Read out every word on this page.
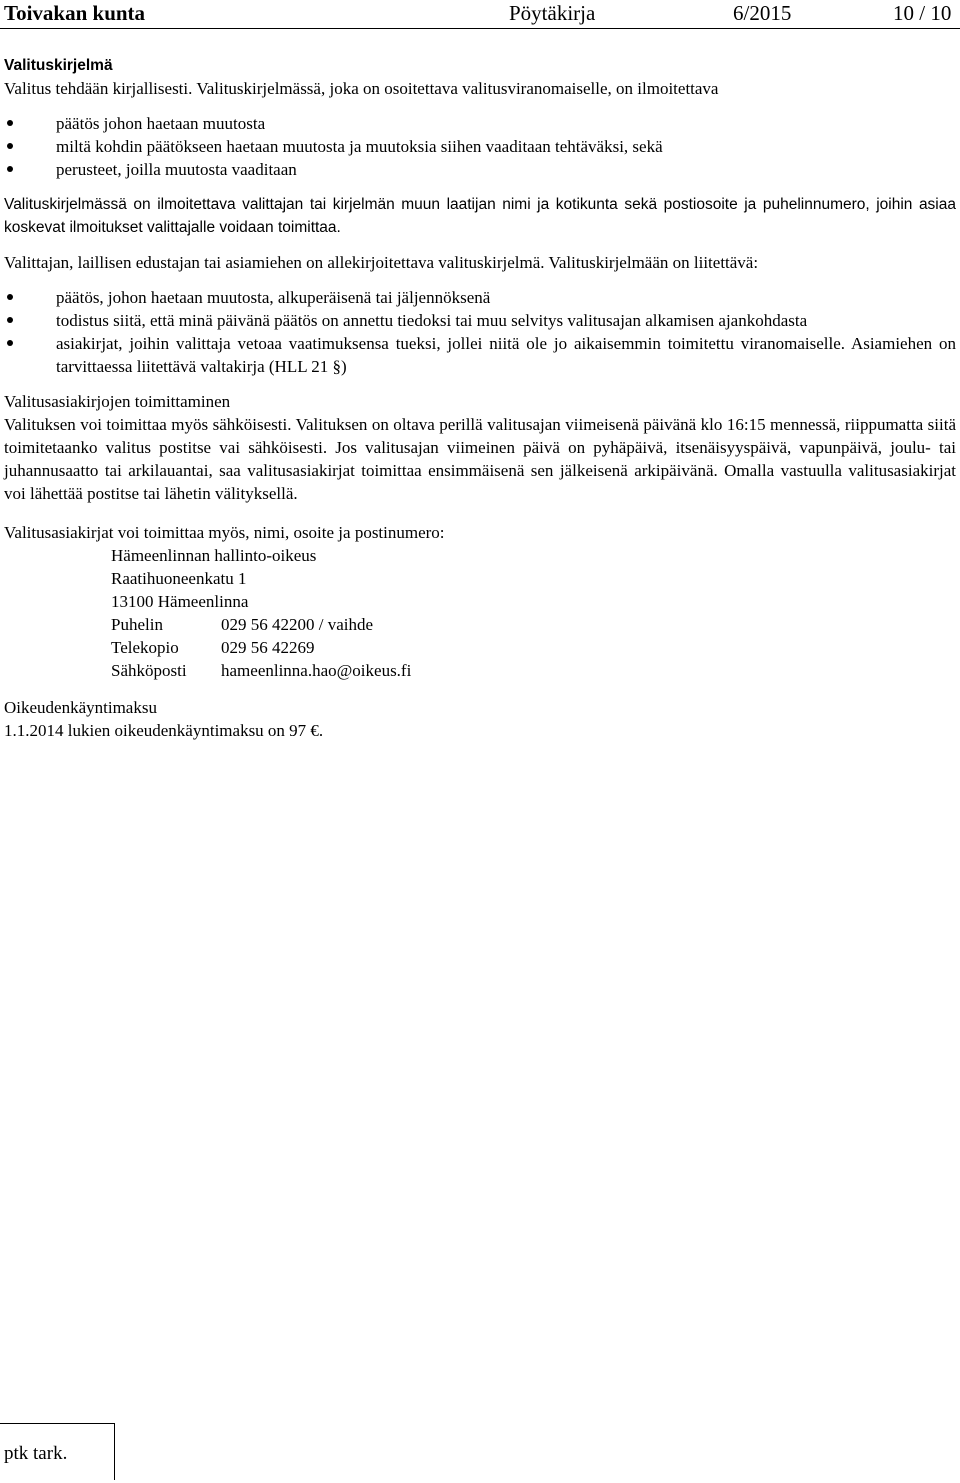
Toivakan kunta	Pöytäkirja	6/2015	10 / 10

Valituskirjelmä

Valitus tehdään kirjallisesti. Valituskirjelmässä, joka on osoitettava valitusviranomaiselle, on ilmoitettava

päätös johon haetaan muutosta
miltä kohdin päätökseen haetaan muutosta ja muutoksia siihen vaaditaan tehtäväksi, sekä
perusteet, joilla muutosta vaaditaan

Valituskirjelmässä on ilmoitettava valittajan tai kirjelmän muun laatijan nimi ja kotikunta sekä postiosoite ja puhelinnumero, joihin asiaa koskevat ilmoitukset valittajalle voidaan toimittaa.

Valittajan, laillisen edustajan tai asiamiehen on allekirjoitettava valituskirjelmä. Valituskirjelmään on liitettävä:

päätös, johon haetaan muutosta, alkuperäisenä tai jäljennöksenä
todistus siitä, että minä päivänä päätös on annettu tiedoksi tai muu selvitys valitusajan alkamisen ajankohdasta
asiakirjat, joihin valittaja vetoaa vaatimuksensa tueksi, jollei niitä ole jo aikaisemmin toimitettu viranomaiselle. Asiamiehen on tarvittaessa liitettävä valtakirja (HLL 21 §)

Valitusasiakirjojen toimittaminen

Valituksen voi toimittaa myös sähköisesti. Valituksen on oltava perillä valitusajan viimeisenä päivänä klo 16:15 mennessä, riippumatta siitä toimitetaanko valitus postitse vai sähköisesti. Jos valitusajan viimeinen päivä on pyhäpäivä, itsenäisyyspäivä, vapunpäivä, joulu- tai juhannusaatto tai arkilauantai, saa valitusasiakirjat toimittaa ensimmäisenä sen jälkeisenä arkipäivänä. Omalla vastuulla valitusasiakirjat voi lähettää postitse tai lähetin välityksellä.

Valitusasiakirjat voi toimittaa myös, nimi, osoite ja postinumero:

Hämeenlinnan hallinto-oikeus
Raatihuoneenkatu 1
13100 Hämeenlinna
Puhelin	029 56 42200 / vaihde
Telekopio	029 56 42269
Sähköposti	hameenlinna.hao@oikeus.fi

Oikeudenkäyntimaksu

1.1.2014 lukien oikeudenkäyntimaksu on 97 €.

ptk tark.
